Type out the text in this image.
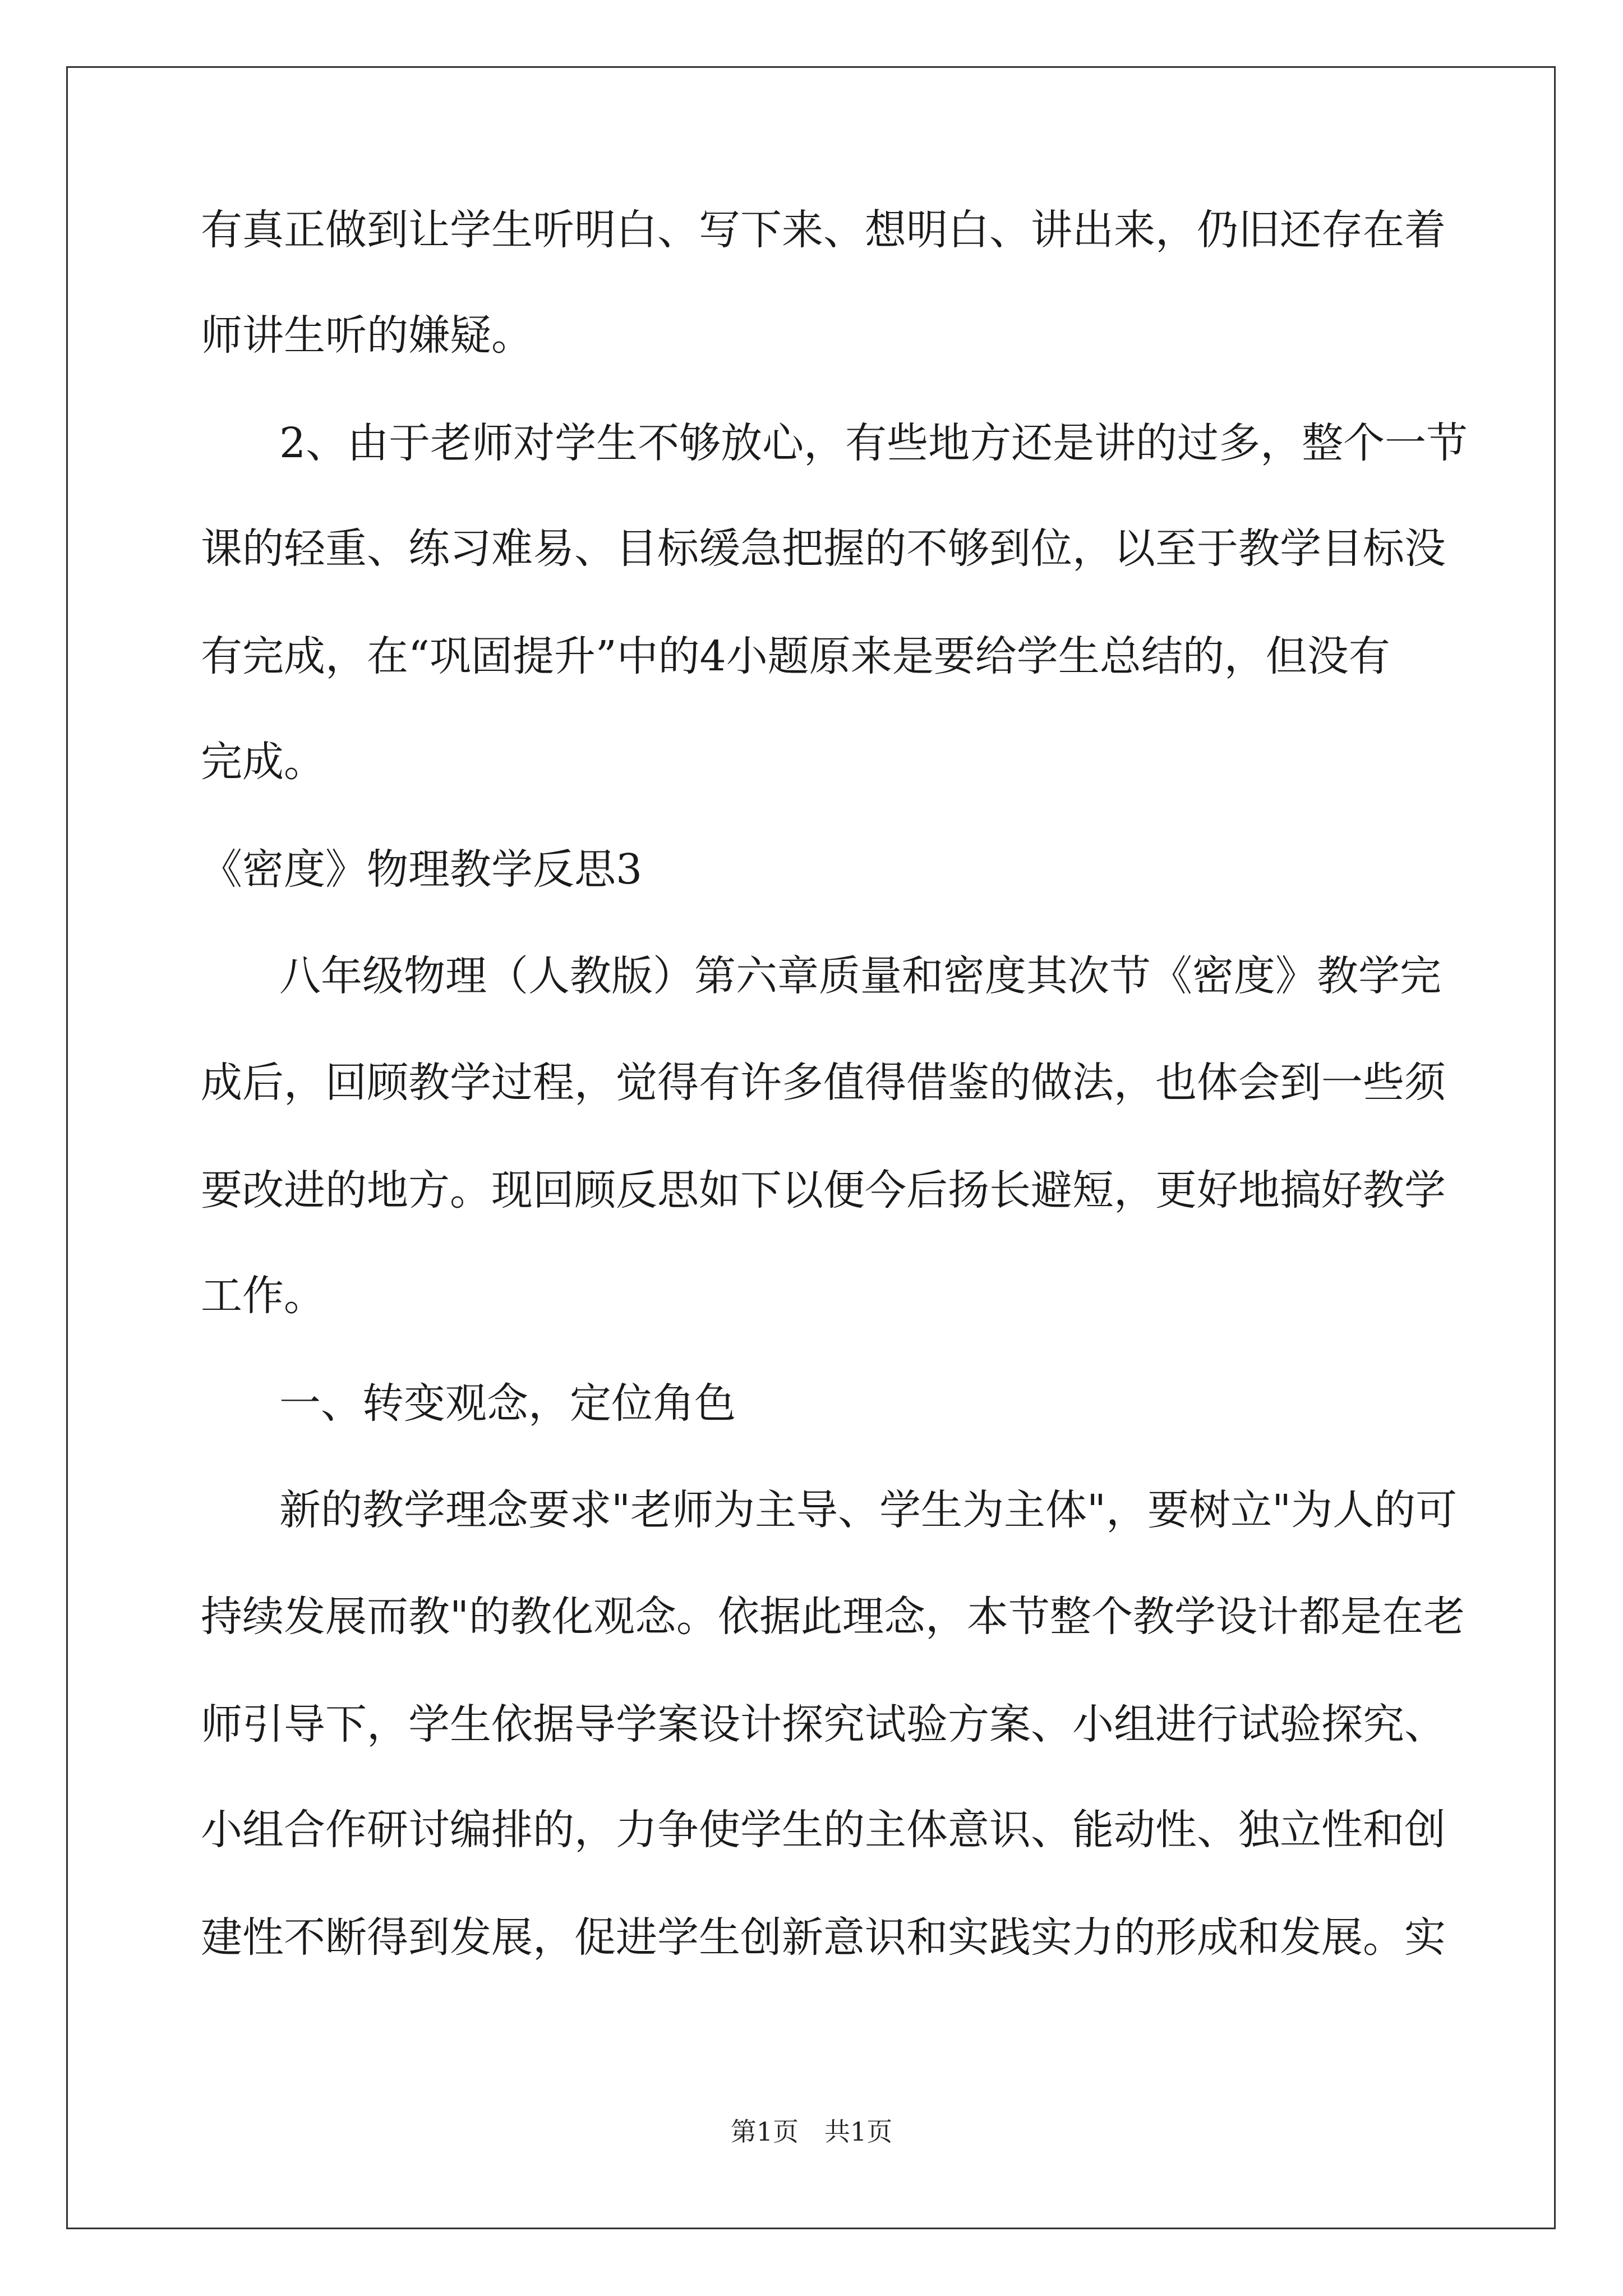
有真正做到让学生听明白、写下来、想明白、讲出来，仍旧还存在着
师讲生听的嫌疑。
2、由于老师对学生不够放心，有些地方还是讲的过多，整个一节
课的轻重、练习难易、目标缓急把握的不够到位，以至于教学目标没
有完成，在“巩固提升”中的4小题原来是要给学生总结的，但没有
完成。
《密度》物理教学反思3
八年级物理（人教版）第六章质量和密度其次节《密度》教学完
成后，回顾教学过程，觉得有许多值得借鉴的做法，也体会到一些须
要改进的地方。现回顾反思如下以便今后扬长避短，更好地搞好教学
工作。
一、转变观念，定位角色
新的教学理念要求"老师为主导、学生为主体"，要树立"为人的可
持续发展而教"的教化观念。依据此理念，本节整个教学设计都是在老
师引导下，学生依据导学案设计探究试验方案、小组进行试验探究、
小组合作研讨编排的，力争使学生的主体意识、能动性、独立性和创
建性不断得到发展，促进学生创新意识和实践实力的形成和发展。实
第1页　共1页
